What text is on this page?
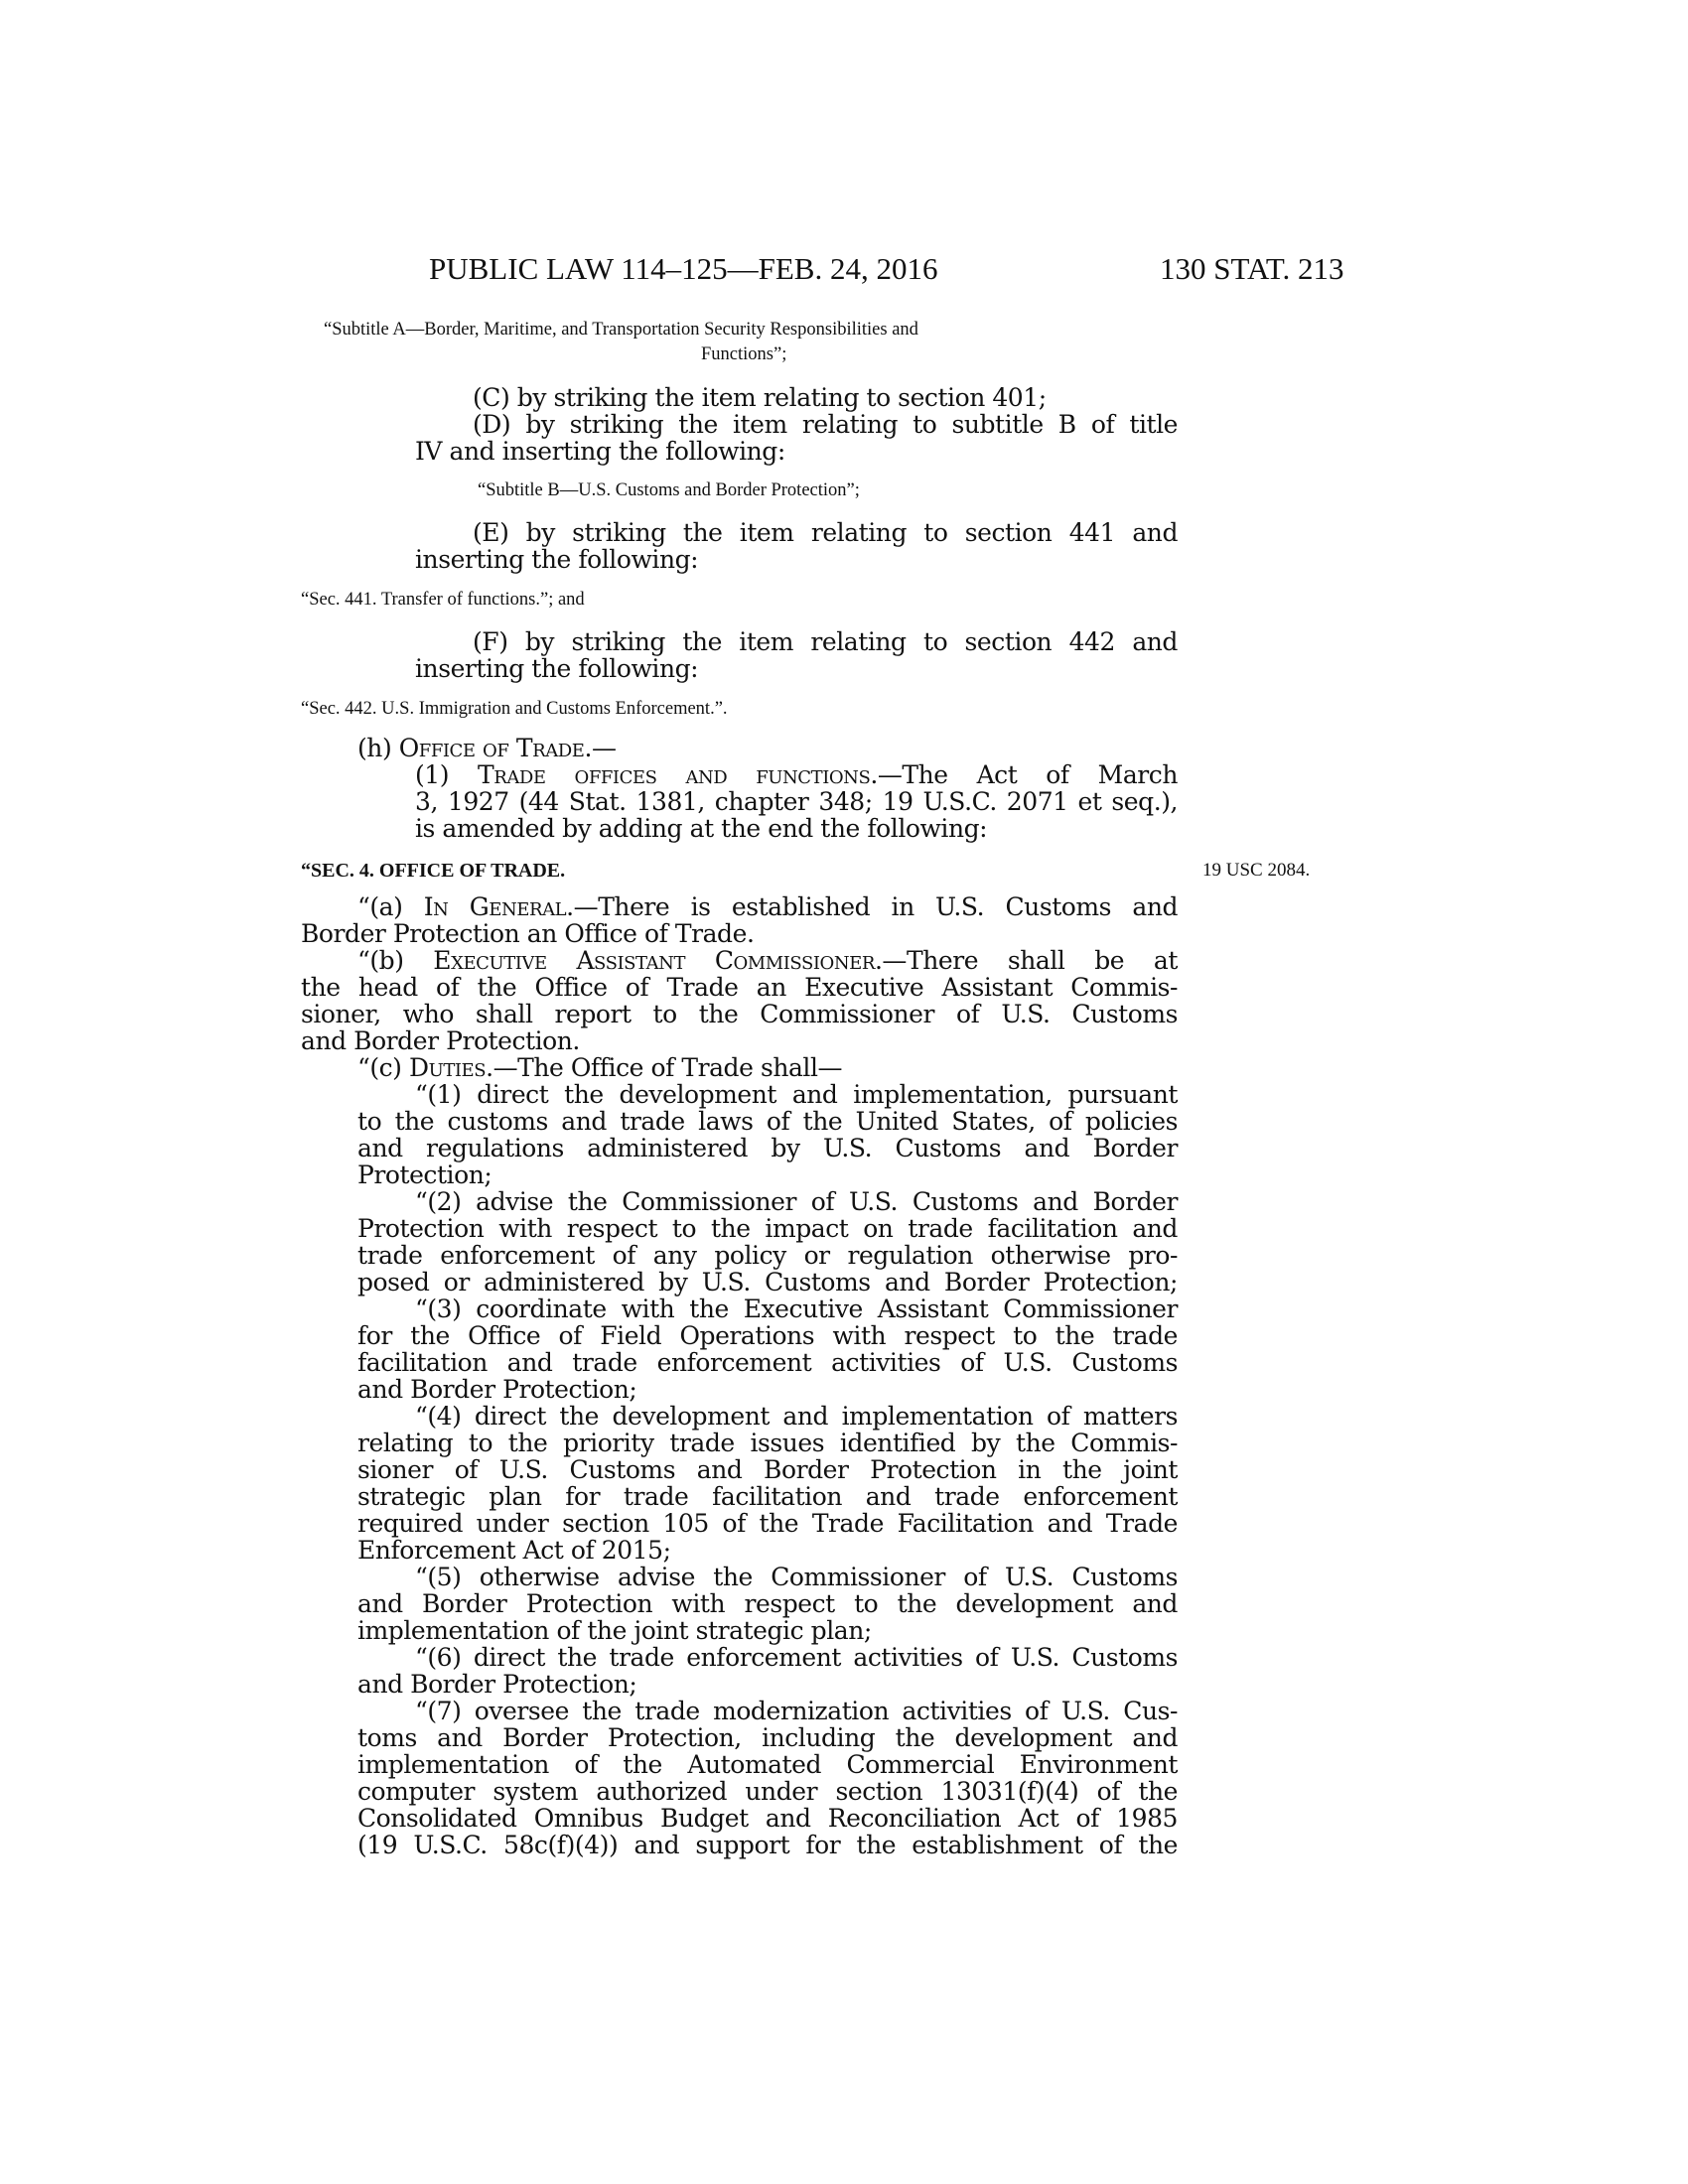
PUBLIC LAW 114–125—FEB. 24, 2016	130 STAT. 213
“Subtitle A—Border, Maritime, and Transportation Security Responsibilities and
Functions”;
(C) by striking the item relating to section 401;
(D) by striking the item relating to subtitle B of title
IV and inserting the following:
“Subtitle B—U.S. Customs and Border Protection”;
(E) by striking the item relating to section 441 and
inserting the following:
“Sec. 441. Transfer of functions.”; and
(F) by striking the item relating to section 442 and
inserting the following:
“Sec. 442. U.S. Immigration and Customs Enforcement.”.
(h) Office of Trade.—
(1) Trade offices and functions.—The Act of March
3, 1927 (44 Stat. 1381, chapter 348; 19 U.S.C. 2071 et seq.),
is amended by adding at the end the following:
“SEC. 4. OFFICE OF TRADE.	19 USC 2084.
“(a) In General.—There is established in U.S. Customs and
Border Protection an Office of Trade.
“(b) Executive Assistant Commissioner.—There shall be at
the head of the Office of Trade an Executive Assistant Commis-
sioner, who shall report to the Commissioner of U.S. Customs
and Border Protection.
“(c) Duties.—The Office of Trade shall—
“(1) direct the development and implementation, pursuant
to the customs and trade laws of the United States, of policies
and regulations administered by U.S. Customs and Border
Protection;
“(2) advise the Commissioner of U.S. Customs and Border
Protection with respect to the impact on trade facilitation and
trade enforcement of any policy or regulation otherwise pro-
posed or administered by U.S. Customs and Border Protection;
“(3) coordinate with the Executive Assistant Commissioner
for the Office of Field Operations with respect to the trade
facilitation and trade enforcement activities of U.S. Customs
and Border Protection;
“(4) direct the development and implementation of matters
relating to the priority trade issues identified by the Commis-
sioner of U.S. Customs and Border Protection in the joint
strategic plan for trade facilitation and trade enforcement
required under section 105 of the Trade Facilitation and Trade
Enforcement Act of 2015;
“(5) otherwise advise the Commissioner of U.S. Customs
and Border Protection with respect to the development and
implementation of the joint strategic plan;
“(6) direct the trade enforcement activities of U.S. Customs
and Border Protection;
“(7) oversee the trade modernization activities of U.S. Cus-
toms and Border Protection, including the development and
implementation of the Automated Commercial Environment
computer system authorized under section 13031(f)(4) of the
Consolidated Omnibus Budget and Reconciliation Act of 1985
(19 U.S.C. 58c(f)(4)) and support for the establishment of the
